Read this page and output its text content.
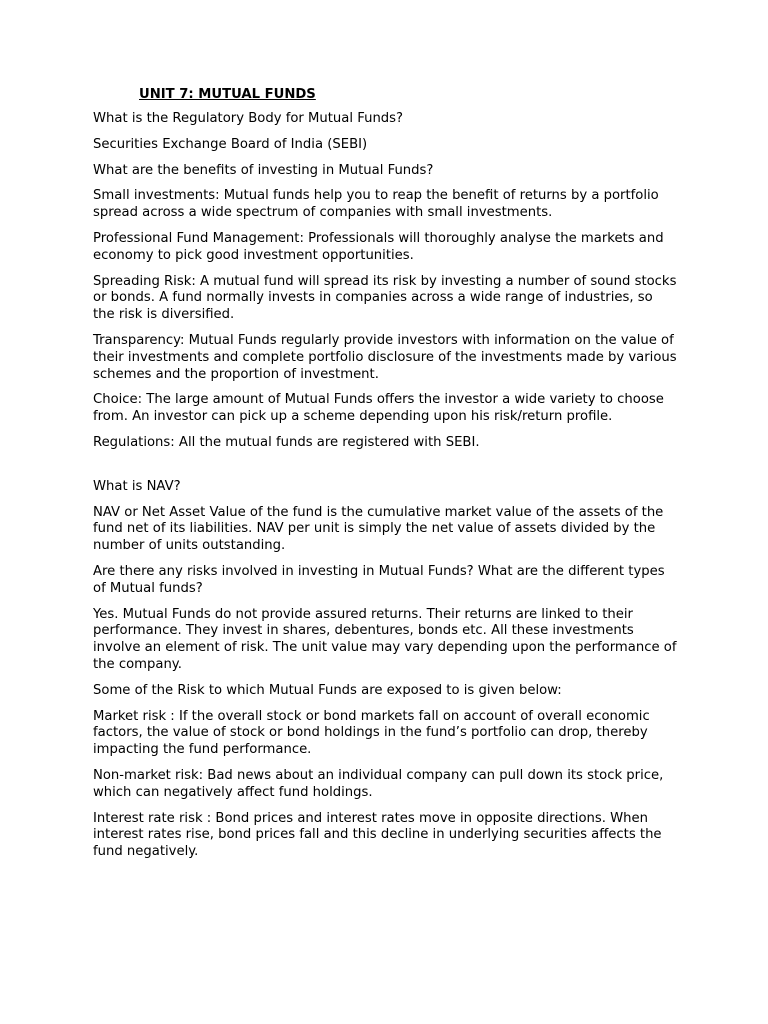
UNIT 7: MUTUAL FUNDS

What is the Regulatory Body for Mutual Funds?

Securities Exchange Board of India (SEBI)

What are the benefits of investing in Mutual Funds?

Small investments: Mutual funds help you to reap the benefit of returns by a portfolio spread across a wide spectrum of companies with small investments.

Professional Fund Management: Professionals will thoroughly analyse the markets and economy to pick good investment opportunities.

Spreading Risk: A mutual fund will spread its risk by investing a number of sound stocks or bonds. A fund normally invests in companies across a wide range of industries, so the risk is diversified.

Transparency: Mutual Funds regularly provide investors with information on the value of their investments and complete portfolio disclosure of the investments made by various schemes and the proportion of investment.

Choice: The large amount of Mutual Funds offers the investor a wide variety to choose from. An investor can pick up a scheme depending upon his risk/return profile.

Regulations: All the mutual funds are registered with SEBI.

What is NAV?

NAV or Net Asset Value of the fund is the cumulative market value of the assets of the fund net of its liabilities. NAV per unit is simply the net value of assets divided by the number of units outstanding.

Are there any risks involved in investing in Mutual Funds? What are the different types of Mutual funds?

Yes. Mutual Funds do not provide assured returns. Their returns are linked to their performance. They invest in shares, debentures, bonds etc. All these investments involve an element of risk. The unit value may vary depending upon the performance of the company.

Some of the Risk to which Mutual Funds are exposed to is given below:

Market risk : If the overall stock or bond markets fall on account of overall economic factors, the value of stock or bond holdings in the fund’s portfolio can drop, thereby impacting the fund performance.

Non-market risk: Bad news about an individual company can pull down its stock price, which can negatively affect fund holdings.

Interest rate risk : Bond prices and interest rates move in opposite directions. When interest rates rise, bond prices fall and this decline in underlying securities affects the fund negatively.
